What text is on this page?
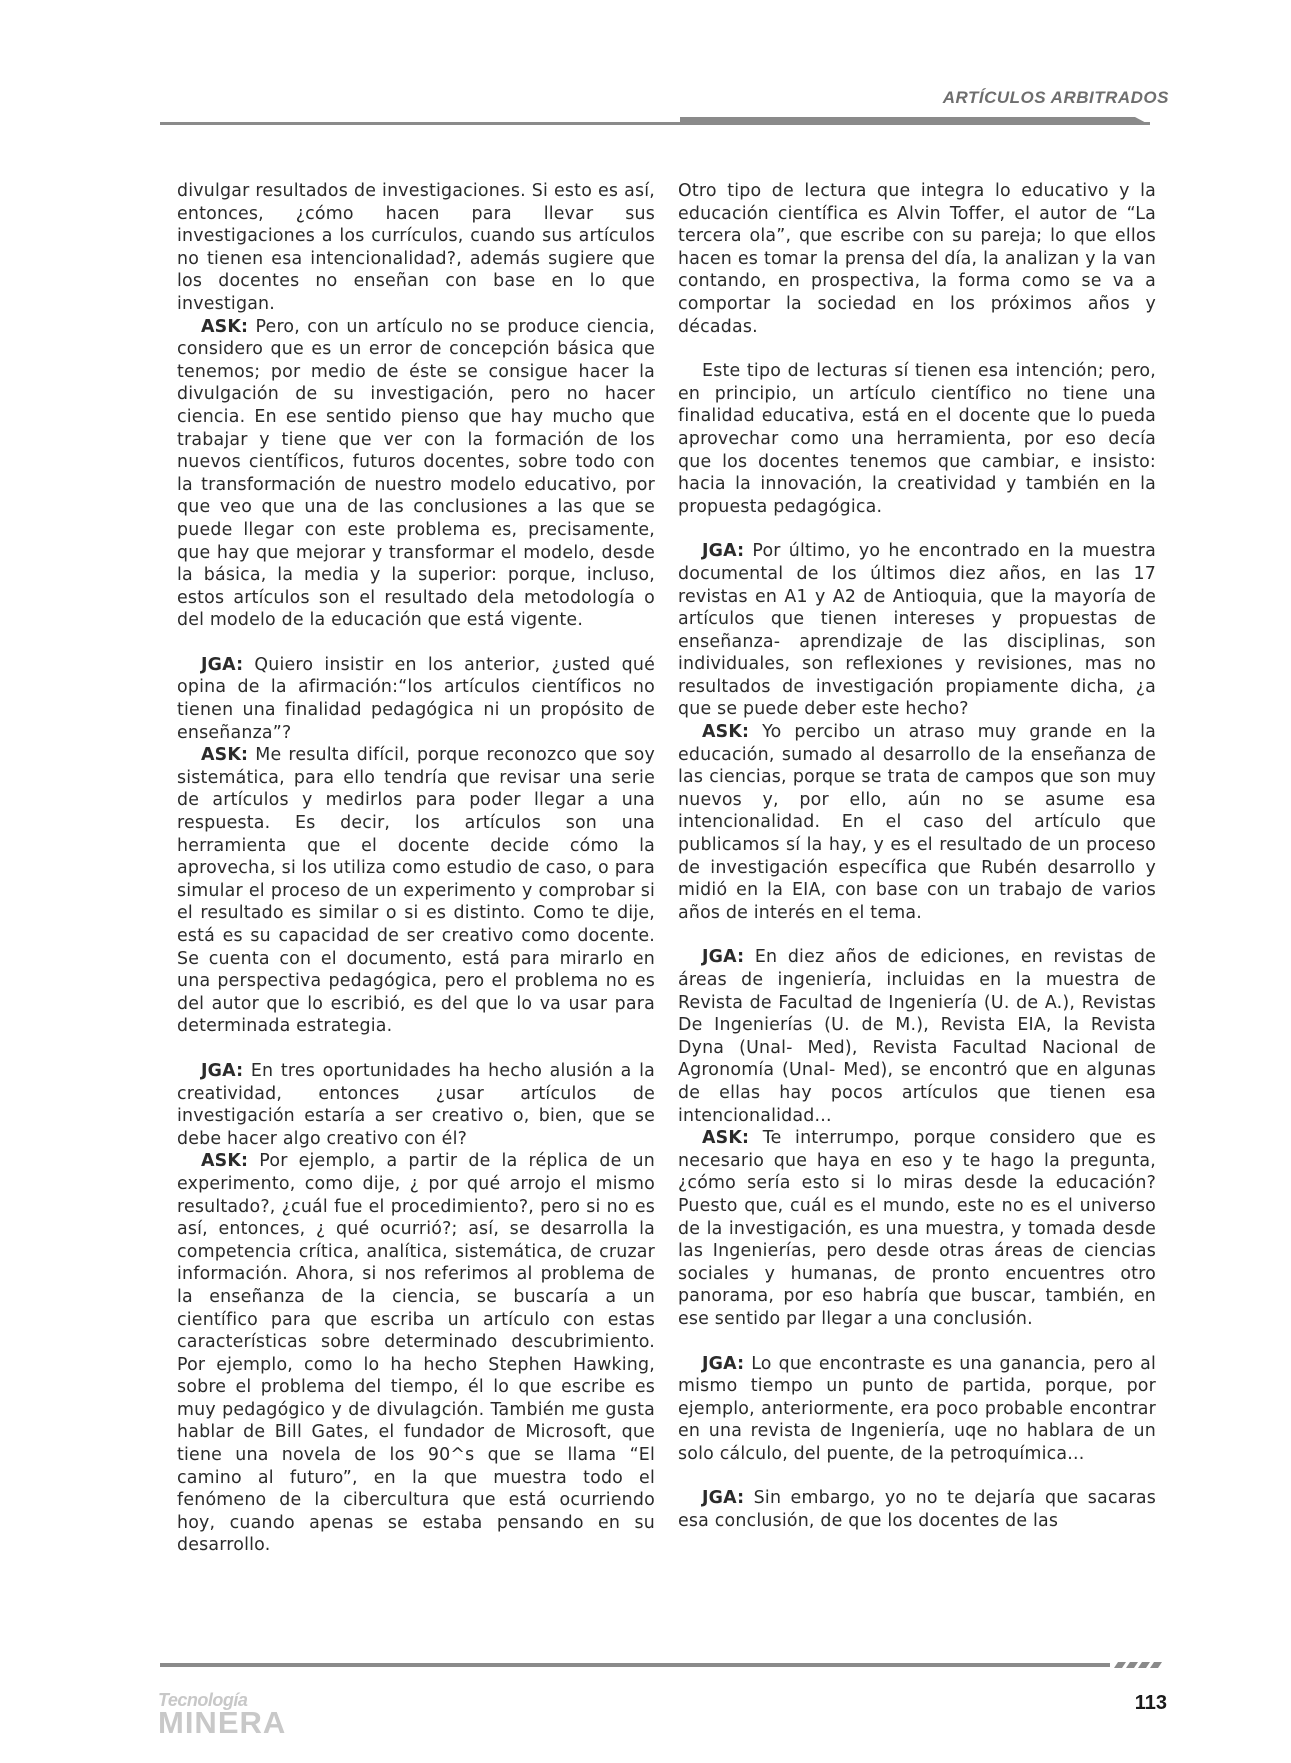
ARTÍCULOS ARBITRADOS

divulgar resultados de investigaciones. Si esto es así, entonces, ¿cómo hacen para llevar sus investigaciones a los currículos, cuando sus artículos no tienen esa intencionalidad?, además sugiere que los docentes no enseñan con base en lo que investigan.

ASK: Pero, con un artículo no se produce ciencia, considero que es un error de concepción básica que tenemos; por medio de éste se consigue hacer la divulgación de su investigación, pero no hacer ciencia. En ese sentido pienso que hay mucho que trabajar y tiene que ver con la formación de los nuevos científicos, futuros docentes, sobre todo con la transformación de nuestro modelo educativo, por que veo que una de las conclusiones a las que se puede llegar con este problema es, precisamente, que hay que mejorar y transformar el modelo, desde la básica, la media y la superior: porque, incluso, estos artículos son el resultado dela metodología o del modelo de la educación que está vigente.

JGA: Quiero insistir en los anterior, ¿usted qué opina de la afirmación:“los artículos científicos no tienen una finalidad pedagógica ni un propósito de enseñanza”?

ASK: Me resulta difícil, porque reconozco que soy sistemática, para ello tendría que revisar una serie de artículos y medirlos para poder llegar a una respuesta. Es decir, los artículos son una herramienta que el docente decide cómo la aprovecha, si los utiliza como estudio de caso, o para simular el proceso de un experimento y comprobar si el resultado es similar o si es distinto. Como te dije, está es su capacidad de ser creativo como docente. Se cuenta con el documento, está para mirarlo en una perspectiva pedagógica, pero el problema no es del autor que lo escribió, es del que lo va usar para determinada estrategia.

JGA: En tres oportunidades ha hecho alusión a la creatividad, entonces ¿usar artículos de investigación estaría a ser creativo o, bien, que se debe hacer algo creativo con él?

ASK: Por ejemplo, a partir de la réplica de un experimento, como dije, ¿ por qué arrojo el mismo resultado?, ¿cuál fue el procedimiento?, pero si no es así, entonces, ¿ qué ocurrió?; así, se desarrolla la competencia crítica, analítica, sistemática, de cruzar información. Ahora, si nos referimos al problema de la enseñanza de la ciencia, se buscaría a un científico para que escriba un artículo con estas características sobre determinado descubrimiento. Por ejemplo, como lo ha hecho Stephen Hawking, sobre el problema del tiempo, él lo que escribe es muy pedagógico y de divulagción. También me gusta hablar de Bill Gates, el fundador de Microsoft, que tiene una novela de los 90^s que se llama “El camino al futuro”, en la que muestra todo el fenómeno de la cibercultura que está ocurriendo hoy, cuando apenas se estaba pensando en su desarrollo.

Otro tipo de lectura que integra lo educativo y la educación científica es Alvin Toffer, el autor de “La tercera ola”, que escribe con su pareja; lo que ellos hacen es tomar la prensa del día, la analizan y la van contando, en prospectiva, la forma como se va a comportar la sociedad en los próximos años y décadas.

Este tipo de lecturas sí tienen esa intención; pero, en principio, un artículo científico no tiene una finalidad educativa, está en el docente que lo pueda aprovechar como una herramienta, por eso decía que los docentes tenemos que cambiar, e insisto: hacia la innovación, la creatividad y también en la propuesta pedagógica.

JGA: Por último, yo he encontrado en la muestra documental de los últimos diez años, en las 17 revistas en A1 y A2 de Antioquia, que la mayoría de artículos que tienen intereses y propuestas de enseñanza- aprendizaje de las disciplinas, son individuales, son reflexiones y revisiones, mas no resultados de investigación propiamente dicha, ¿a que se puede deber este hecho?

ASK: Yo percibo un atraso muy grande en la educación, sumado al desarrollo de la enseñanza de las ciencias, porque se trata de campos que son muy nuevos y, por ello, aún no se asume esa intencionalidad. En el caso del artículo que publicamos sí la hay, y es el resultado de un proceso de investigación específica que Rubén desarrollo y midió en la EIA, con base con un trabajo de varios años de interés en el tema.

JGA: En diez años de ediciones, en revistas de áreas de ingeniería, incluidas en la muestra de Revista de Facultad de Ingeniería (U. de A.), Revistas De Ingenierías (U. de M.), Revista EIA, la Revista Dyna (Unal- Med), Revista Facultad Nacional de Agronomía (Unal- Med), se encontró que en algunas de ellas hay pocos artículos que tienen esa intencionalidad...

ASK: Te interrumpo, porque considero que es necesario que haya en eso y te hago la pregunta, ¿cómo sería esto si lo miras desde la educación? Puesto que, cuál es el mundo, este no es el universo de la investigación, es una muestra, y tomada desde las Ingenierías, pero desde otras áreas de ciencias sociales y humanas, de pronto encuentres otro panorama, por eso habría que buscar, también, en ese sentido par llegar a una conclusión.

JGA: Lo que encontraste es una ganancia, pero al mismo tiempo un punto de partida, porque, por ejemplo, anteriormente, era poco probable encontrar en una revista de Ingeniería, uqe no hablara de un solo cálculo, del puente, de la petroquímica...

JGA: Sin embargo, yo no te dejaría que sacaras esa conclusión, de que los docentes de las

Tecnología
MINERA
113
